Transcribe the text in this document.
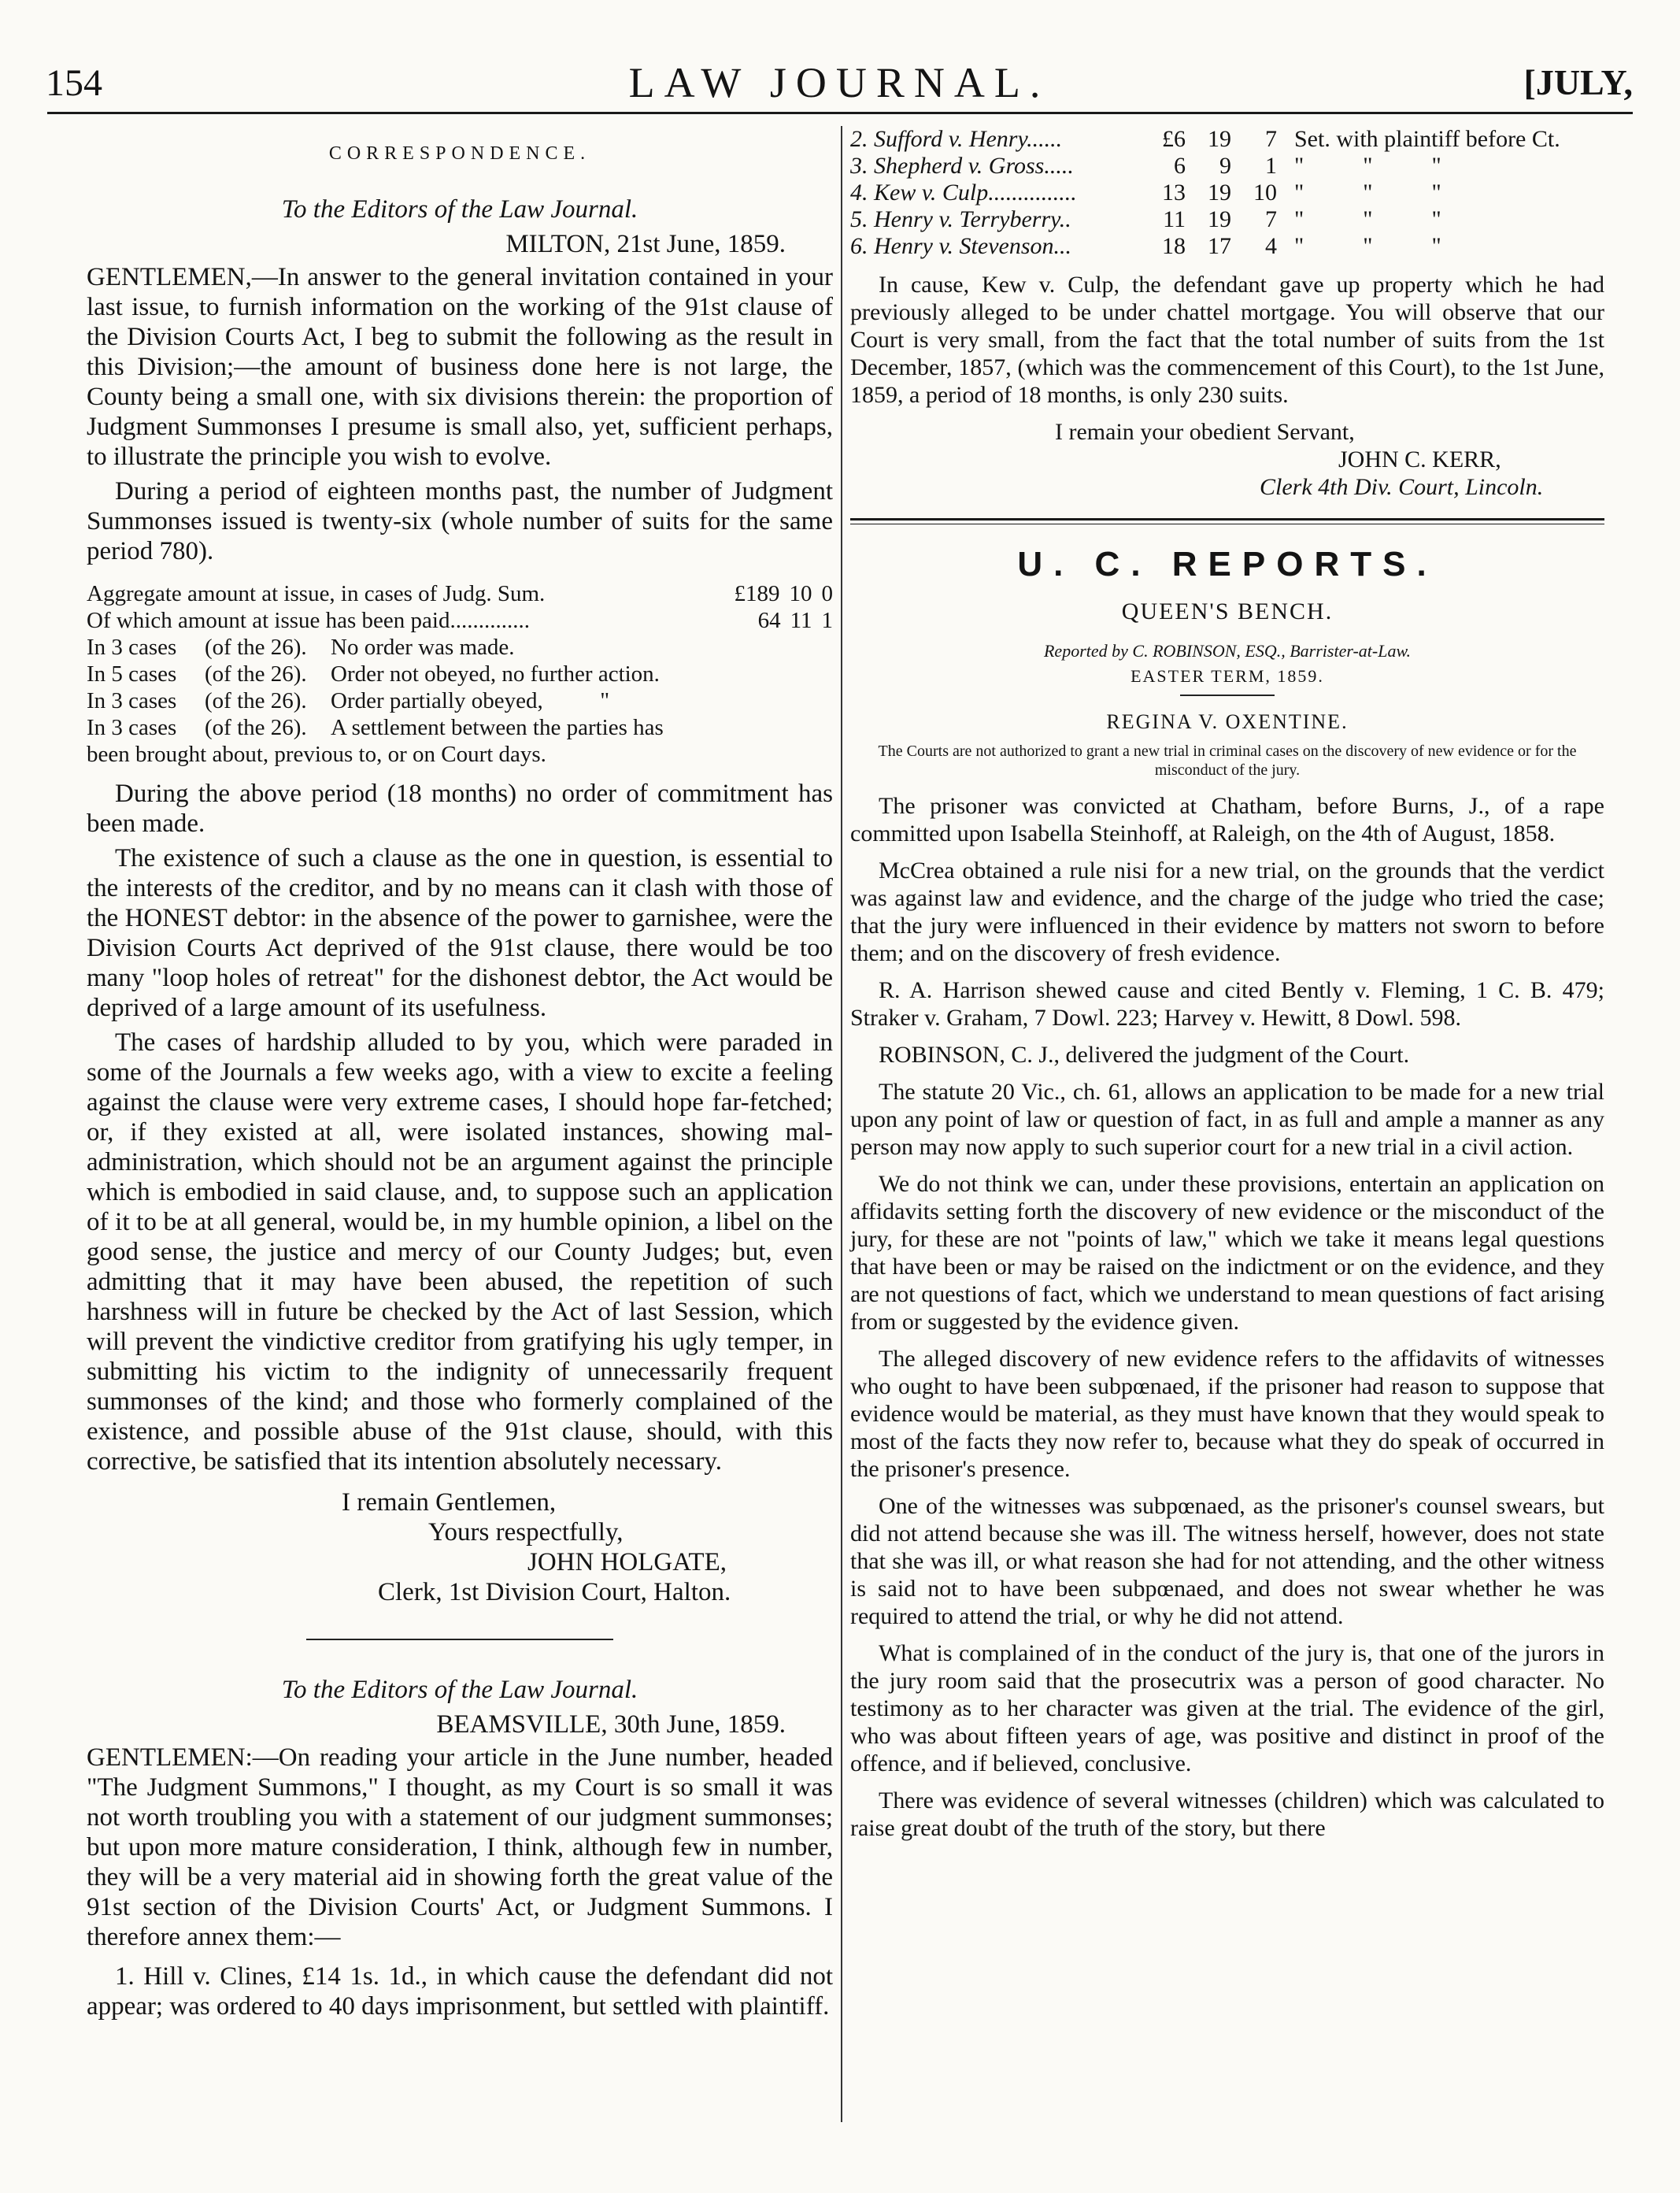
154	LAW JOURNAL.	[JULY,
CORRESPONDENCE.

To the Editors of the Law Journal.

MILTON, 21st June, 1859.

GENTLEMEN,—In answer to the general invitation contained in your last issue, to furnish information on the working of the 91st clause of the Division Courts Act, I beg to submit the following as the result in this Division;—the amount of business done here is not large, the County being a small one, with six divisions therein: the proportion of Judgment Summonses I presume is small also, yet, sufficient perhaps, to illustrate the principle you wish to evolve.

During a period of eighteen months past, the number of Judgment Summonses issued is twenty-six (whole number of suits for the same period 780).

Aggregate amount at issue, in cases of Judg. Sum.	£189 10 0
Of which amount at issue has been paid..............	64 11 1
In 3 cases	(of the 26).	No order was made.
In 5 cases	(of the 26).	Order not obeyed, no further action.
In 3 cases	(of the 26).	Order partially obeyed,          "
In 3 cases	(of the 26).	A settlement between the parties has
been brought about, previous to, or on Court days.

During the above period (18 months) no order of commitment has been made.

The existence of such a clause as the one in question, is essential to the interests of the creditor, and by no means can it clash with those of the HONEST debtor: in the absence of the power to garnishee, were the Division Courts Act deprived of the 91st clause, there would be too many "loop holes of retreat" for the dishonest debtor, the Act would be deprived of a large amount of its usefulness.

The cases of hardship alluded to by you, which were paraded in some of the Journals a few weeks ago, with a view to excite a feeling against the clause were very extreme cases, I should hope far-fetched; or, if they existed at all, were isolated instances, showing mal-administration, which should not be an argument against the principle which is embodied in said clause, and, to suppose such an application of it to be at all general, would be, in my humble opinion, a libel on the good sense, the justice and mercy of our County Judges; but, even admitting that it may have been abused, the repetition of such harshness will in future be checked by the Act of last Session, which will prevent the vindictive creditor from gratifying his ugly temper, in submitting his victim to the indignity of unnecessarily frequent summonses of the kind; and those who formerly complained of the existence, and possible abuse of the 91st clause, should, with this corrective, be satisfied that its intention absolutely necessary.

I remain Gentlemen,

Yours respectfully,

JOHN HOLGATE,

Clerk, 1st Division Court, Halton.

To the Editors of the Law Journal.

BEAMSVILLE, 30th June, 1859.

GENTLEMEN:—On reading your article in the June number, headed "The Judgment Summons," I thought, as my Court is so small it was not worth troubling you with a statement of our judgment summonses; but upon more mature consideration, I think, although few in number, they will be a very material aid in showing forth the great value of the 91st section of the Division Courts' Act, or Judgment Summons. I therefore annex them:—

1. Hill v. Clines, £14 1s. 1d., in which cause the defendant did not appear; was ordered to 40 days imprisonment, but settled with plaintiff.

2. Sufford v. Henry......	£6 19	7 Set. with plaintiff before Ct.
3. Shepherd v. Gross.....	6	9	1 "          "          "
4. Kew v. Culp...............	13 19 10 "          "          "
5. Henry v. Terryberry..	11 19	7 "          "          "
6. Henry v. Stevenson...	18 17	4 "          "          "

In cause, Kew v. Culp, the defendant gave up property which he had previously alleged to be under chattel mortgage. You will observe that our Court is very small, from the fact that the total number of suits from the 1st December, 1857, (which was the commencement of this Court), to the 1st June, 1859, a period of 18 months, is only 230 suits.

I remain your obedient Servant,

JOHN C. KERR,

Clerk 4th Div. Court, Lincoln.

U. C. REPORTS.
QUEEN'S BENCH.
Reported by C. ROBINSON, ESQ., Barrister-at-Law.
EASTER TERM, 1859.
REGINA V. OXENTINE.
The Courts are not authorized to grant a new trial in criminal cases on the discovery of new evidence or for the misconduct of the jury.

The prisoner was convicted at Chatham, before Burns, J., of a rape committed upon Isabella Steinhoff, at Raleigh, on the 4th of August, 1858.

McCrea obtained a rule nisi for a new trial, on the grounds that the verdict was against law and evidence, and the charge of the judge who tried the case; that the jury were influenced in their evidence by matters not sworn to before them; and on the discovery of fresh evidence.

R. A. Harrison shewed cause and cited Bently v. Fleming, 1 C. B. 479; Straker v. Graham, 7 Dowl. 223; Harvey v. Hewitt, 8 Dowl. 598.

ROBINSON, C. J., delivered the judgment of the Court.

The statute 20 Vic., ch. 61, allows an application to be made for a new trial upon any point of law or question of fact, in as full and ample a manner as any person may now apply to such superior court for a new trial in a civil action.

We do not think we can, under these provisions, entertain an application on affidavits setting forth the discovery of new evidence or the misconduct of the jury, for these are not "points of law," which we take it means legal questions that have been or may be raised on the indictment or on the evidence, and they are not questions of fact, which we understand to mean questions of fact arising from or suggested by the evidence given.

The alleged discovery of new evidence refers to the affidavits of witnesses who ought to have been subpœnaed, if the prisoner had reason to suppose that evidence would be material, as they must have known that they would speak to most of the facts they now refer to, because what they do speak of occurred in the prisoner's presence.

One of the witnesses was subpœnaed, as the prisoner's counsel swears, but did not attend because she was ill. The witness herself, however, does not state that she was ill, or what reason she had for not attending, and the other witness is said not to have been subpœnaed, and does not swear whether he was required to attend the trial, or why he did not attend.

What is complained of in the conduct of the jury is, that one of the jurors in the jury room said that the prosecutrix was a person of good character. No testimony as to her character was given at the trial. The evidence of the girl, who was about fifteen years of age, was positive and distinct in proof of the offence, and if believed, conclusive.

There was evidence of several witnesses (children) which was calculated to raise great doubt of the truth of the story, but there
